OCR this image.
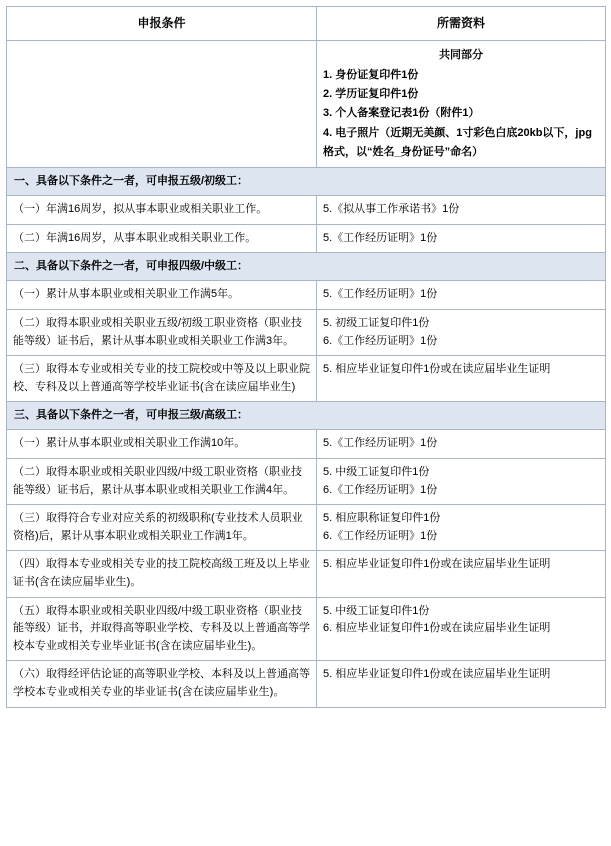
申报条件	所需资料

	共同部分
1. 身份证复印件1份
2. 学历证复印件1份
3. 个人备案登记表1份（附件1）
4. 电子照片（近期无美颜、1寸彩色白底20kb以下，jpg格式，以“姓名_身份证号”命名）

一、具备以下条件之一者，可申报五级/初级工：	
（一）年满16周岁，拟从事本职业或相关职业工作。	5.《拟从事工作承诺书》1份

（二）年满16周岁，从事本职业或相关职业工作。	5.《工作经历证明》1份

二、具备以下条件之一者，可申报四级/中级工：	
（一）累计从事本职业或相关职业工作满5年。	5.《工作经历证明》1份

（二）取得本职业或相关职业五级/初级工职业资格（职业技能等级）证书后，累计从事本职业或相关职业工作满3年。	5. 初级工证复印件1份
6.《工作经历证明》1份

（三）取得本专业或相关专业的技工院校或中等及以上职业院校、专科及以上普通高等学校毕业证书(含在读应届毕业生)	5. 相应毕业证复印件1份或在读应届毕业生证明

三、具备以下条件之一者，可申报三级/高级工：	
（一）累计从事本职业或相关职业工作满10年。	5.《工作经历证明》1份

（二）取得本职业或相关职业四级/中级工职业资格（职业技能等级）证书后，累计从事本职业或相关职业工作满4年。	5. 中级工证复印件1份
6.《工作经历证明》1份

（三）取得符合专业对应关系的初级职称(专业技术人员职业资格)后，累计从事本职业或相关职业工作满1年。	5. 相应职称证复印件1份
6.《工作经历证明》1份

（四）取得本专业或相关专业的技工院校高级工班及以上毕业证书(含在读应届毕业生)。	5. 相应毕业证复印件1份或在读应届毕业生证明

（五）取得本职业或相关职业四级/中级工职业资格（职业技能等级）证书，并取得高等职业学校、专科及以上普通高等学 校本专业或相关专业毕业证书(含在读应届毕业生)。	5. 中级工证复印件1份
6. 相应毕业证复印件1份或在读应届毕业生证明

（六）取得经评估论证的高等职业学校、本科及以上普通高等学校本专业或相关专业的毕业证书(含在读应届毕业生)。	5. 相应毕业证复印件1份或在读应届毕业生证明
